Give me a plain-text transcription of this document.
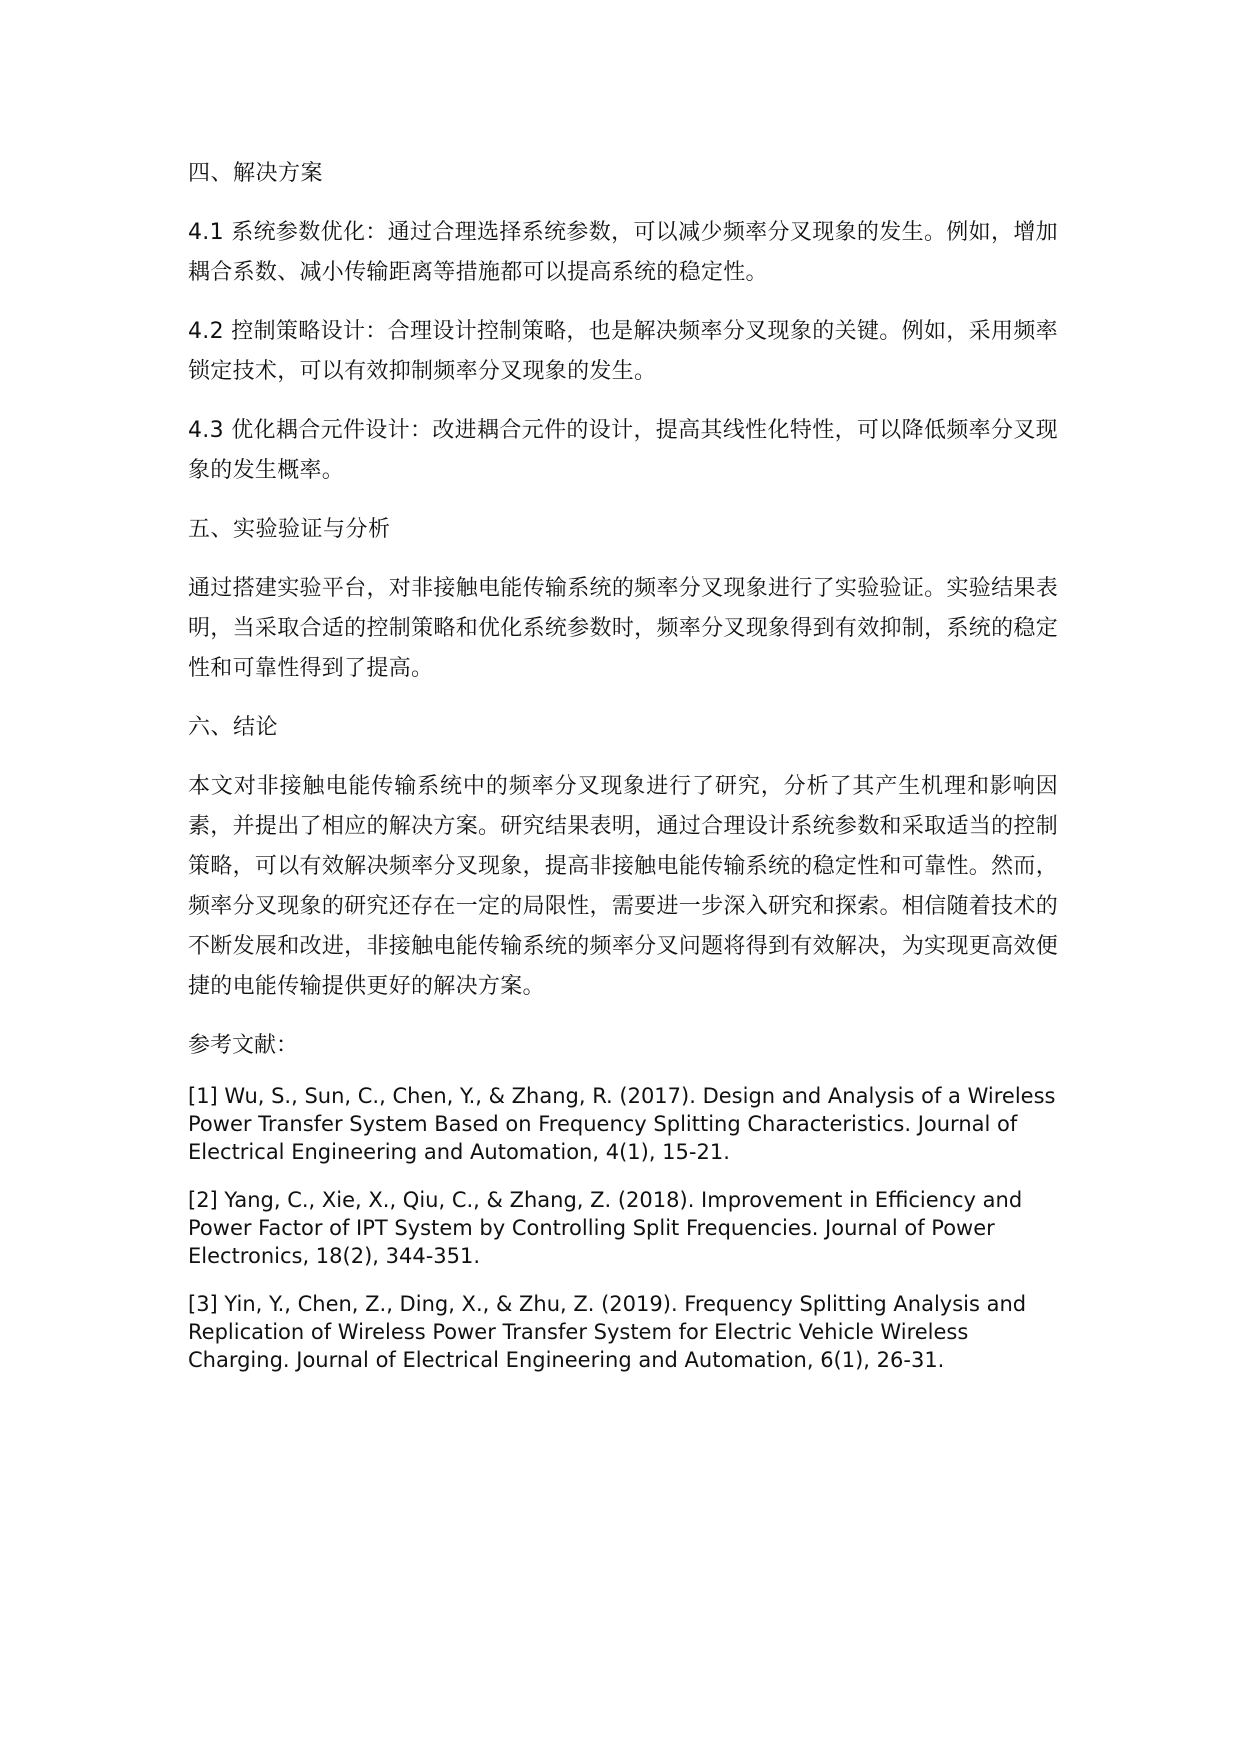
四、解决方案
4.1 系统参数优化：通过合理选择系统参数，可以减少频率分叉现象的发生。例如，增加耦合系数、减小传输距离等措施都可以提高系统的稳定性。
4.2 控制策略设计：合理设计控制策略，也是解决频率分叉现象的关键。例如，采用频率锁定技术，可以有效抑制频率分叉现象的发生。
4.3 优化耦合元件设计：改进耦合元件的设计，提高其线性化特性，可以降低频率分叉现象的发生概率。
五、实验验证与分析
通过搭建实验平台，对非接触电能传输系统的频率分叉现象进行了实验验证。实验结果表明，当采取合适的控制策略和优化系统参数时，频率分叉现象得到有效抑制，系统的稳定性和可靠性得到了提高。
六、结论
本文对非接触电能传输系统中的频率分叉现象进行了研究，分析了其产生机理和影响因素，并提出了相应的解决方案。研究结果表明，通过合理设计系统参数和采取适当的控制策略，可以有效解决频率分叉现象，提高非接触电能传输系统的稳定性和可靠性。然而，频率分叉现象的研究还存在一定的局限性，需要进一步深入研究和探索。相信随着技术的不断发展和改进，非接触电能传输系统的频率分叉问题将得到有效解决，为实现更高效便捷的电能传输提供更好的解决方案。
参考文献：
[1] Wu, S., Sun, C., Chen, Y., & Zhang, R. (2017). Design and Analysis of a Wireless Power Transfer System Based on Frequency Splitting Characteristics. Journal of Electrical Engineering and Automation, 4(1), 15-21.
[2] Yang, C., Xie, X., Qiu, C., & Zhang, Z. (2018). Improvement in Efficiency and Power Factor of IPT System by Controlling Split Frequencies. Journal of Power Electronics, 18(2), 344-351.
[3] Yin, Y., Chen, Z., Ding, X., & Zhu, Z. (2019). Frequency Splitting Analysis and Replication of Wireless Power Transfer System for Electric Vehicle Wireless Charging. Journal of Electrical Engineering and Automation, 6(1), 26-31.
